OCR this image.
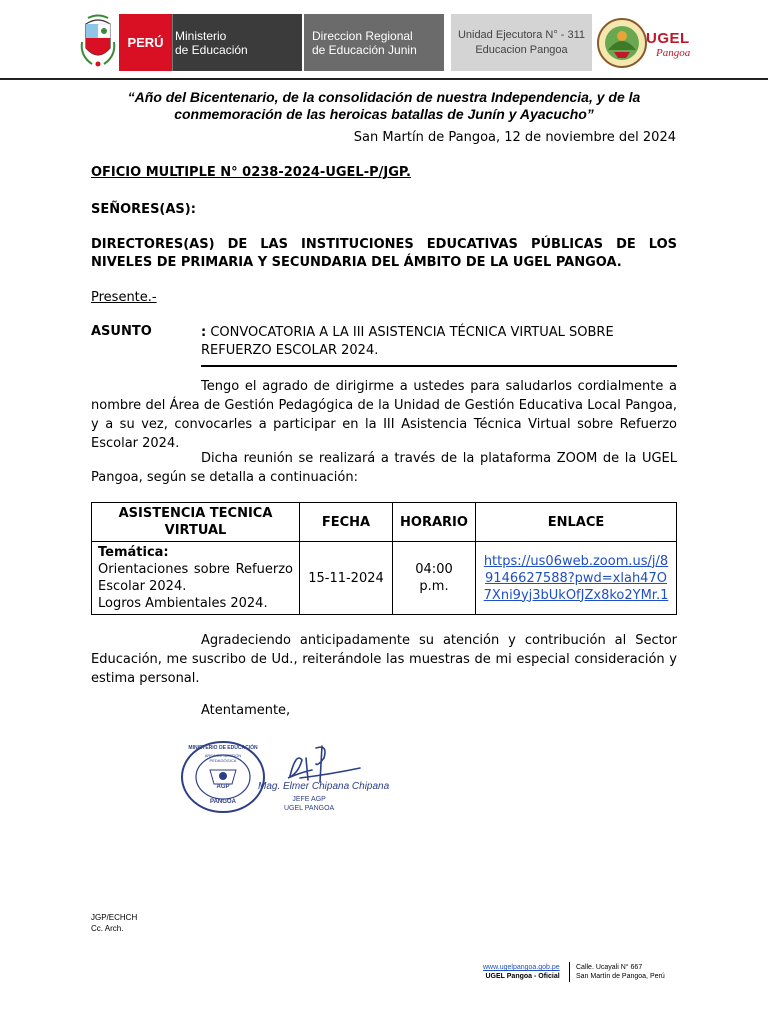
PERÚ Ministerio
de Educación
Direccion Regional
de Educación Junin
Unidad Ejecutora N° - 311
Educacion Pangoa
UGEL
Pangoa
“Año del Bicentenario, de la consolidación de nuestra Independencia, y de la conmemoración de las heroicas batallas de Junín y Ayacucho”
San Martín de Pangoa, 12 de noviembre del 2024
OFICIO MULTIPLE N° 0238-2024-UGEL-P/JGP.
SEÑORES(AS):
DIRECTORES(AS) DE LAS INSTITUCIONES EDUCATIVAS PÚBLICAS DE LOS NIVELES DE PRIMARIA Y SECUNDARIA DEL ÁMBITO DE LA UGEL PANGOA.
Presente.-
ASUNTO	: CONVOCATORIA A LA III ASISTENCIA TÉCNICA VIRTUAL SOBRE REFUERZO ESCOLAR 2024.
Tengo el agrado de dirigirme a ustedes para saludarlos cordialmente a nombre del Área de Gestión Pedagógica de la Unidad de Gestión Educativa Local Pangoa, y a su vez, convocarles a participar en la III Asistencia Técnica Virtual sobre Refuerzo Escolar 2024.
Dicha reunión se realizará a través de la plataforma ZOOM de la UGEL Pangoa, según se detalla a continuación:
ASISTENCIA TECNICA VIRTUAL	FECHA	HORARIO	ENLACE

Temática:
Orientaciones sobre Refuerzo Escolar 2024.
Logros Ambientales 2024.	15-11-2024	04:00 p.m.	https://us06web.zoom.us/j/89146627588?pwd=xlah47O7Xni9yj3bUkOfJZx8ko2YMr.1
Agradeciendo anticipadamente su atención y contribución al Sector Educación, me suscribo de Ud., reiterándole las muestras de mi especial consideración y estima personal.
Atentamente,
MINISTERIO DE EDUCACIÓN
ÁREA DE GESTIÓN PEDAGÓGICA
AGP
PANGOA
Mag. Elmer Chipana Chipana
JEFE AGP
UGEL PANGOA
JGP/ECHCH
Cc. Arch.
www.ugelpangoa.gob.pe
UGEL Pangoa - Oficial
Calle. Ucayali N° 667
San Martín de Pangoa, Perú
